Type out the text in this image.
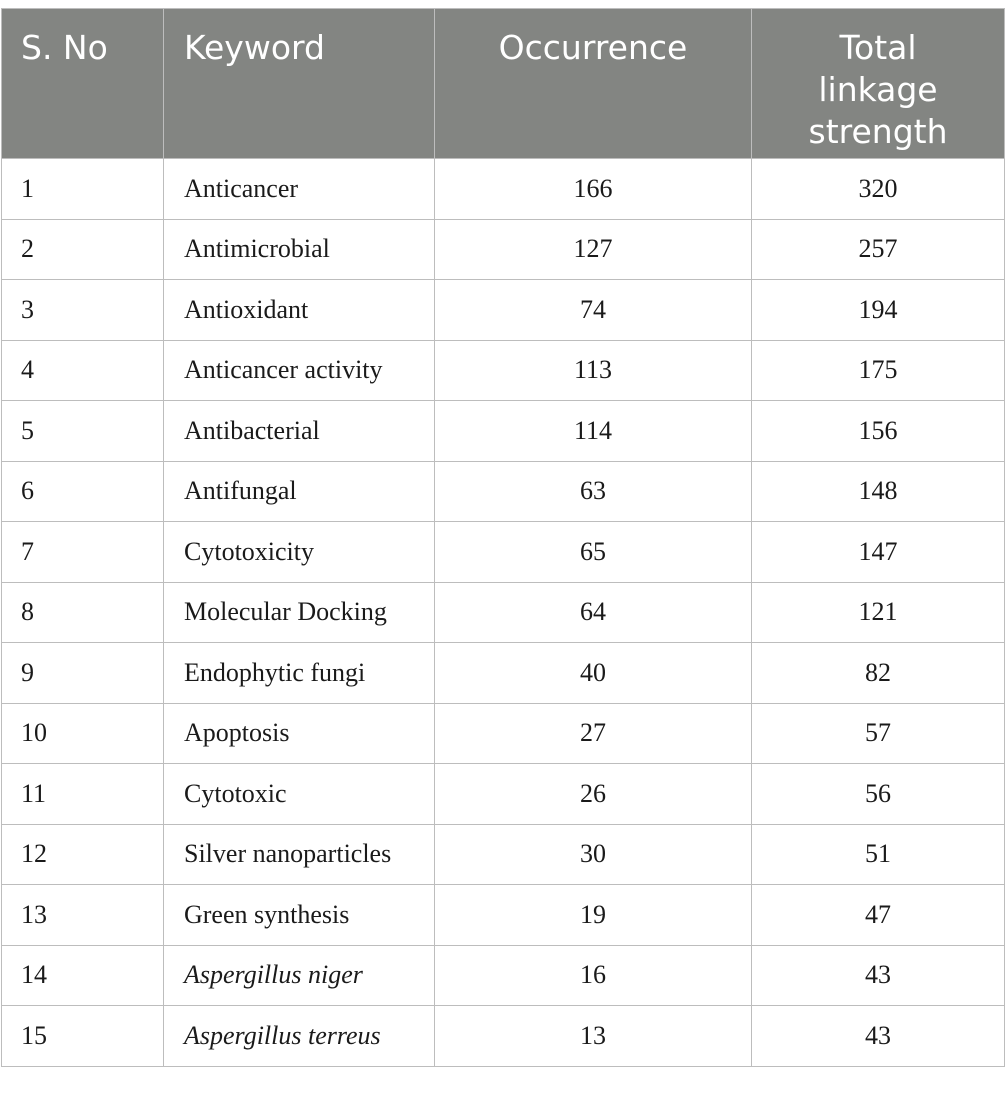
S. No	Keyword	Occurrence	Total linkage strength

1	Anticancer	166	320
2	Antimicrobial	127	257
3	Antioxidant	74	194
4	Anticancer activity	113	175
5	Antibacterial	114	156
6	Antifungal	63	148
7	Cytotoxicity	65	147
8	Molecular Docking	64	121
9	Endophytic fungi	40	82
10	Apoptosis	27	57
11	Cytotoxic	26	56
12	Silver nanoparticles	30	51
13	Green synthesis	19	47
14	Aspergillus niger	16	43
15	Aspergillus terreus	13	43
